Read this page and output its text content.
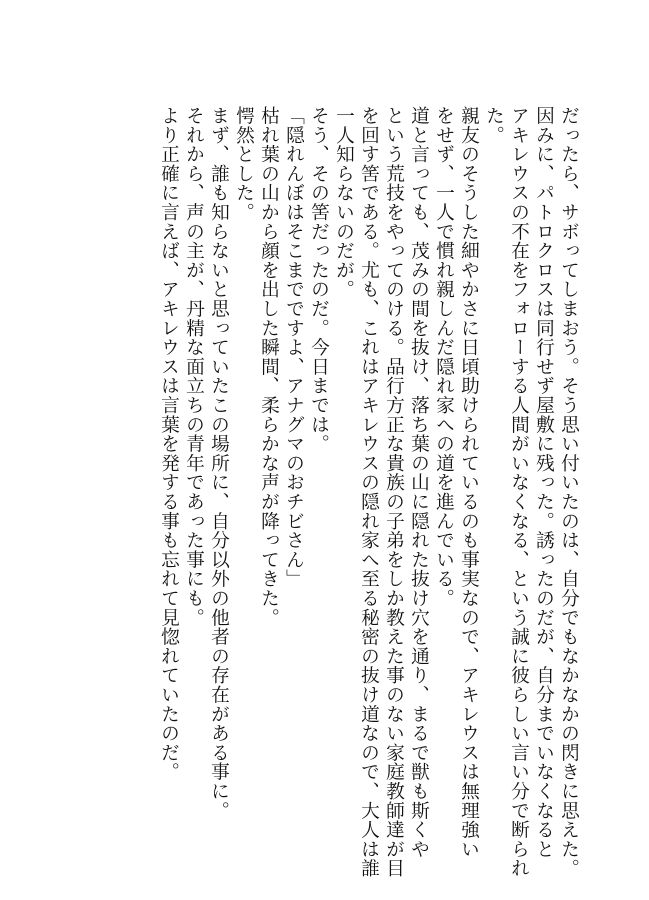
だったら、サボってしまおう。そう思い付いたのは、自分でもなかなかの閃きに思えた。

因みに、パトロクロスは同行せず屋敷に残った。誘ったのだが、自分までいなくなると

アキレウスの不在をフォローする人間がいなくなる、という誠に彼らしい言い分で断られ

た。

親友のそうした細やかさに日頃助けられているのも事実なので、アキレウスは無理強い

をせず、一人で慣れ親しんだ隠れ家への道を進んでいる。

道と言っても、茂みの間を抜け、落ち葉の山に隠れた抜け穴を通り、まるで獣も斯くや

という荒技をやってのける。品行方正な貴族の子弟をしか教えた事のない家庭教師達が目

を回す筈である。尤も、これはアキレウスの隠れ家へ至る秘密の抜け道なので、大人は誰

一人知らないのだが。

そう、その筈だったのだ。今日までは。

「隠れんぼはそこまでですよ、アナグマのおチビさん」

枯れ葉の山から顔を出した瞬間、柔らかな声が降ってきた。

愕然とした。

まず、誰も知らないと思っていたこの場所に、自分以外の他者の存在がある事に。

それから、声の主が、丹精な面立ちの青年であった事にも。

より正確に言えば、アキレウスは言葉を発する事も忘れて見惚れていたのだ。
